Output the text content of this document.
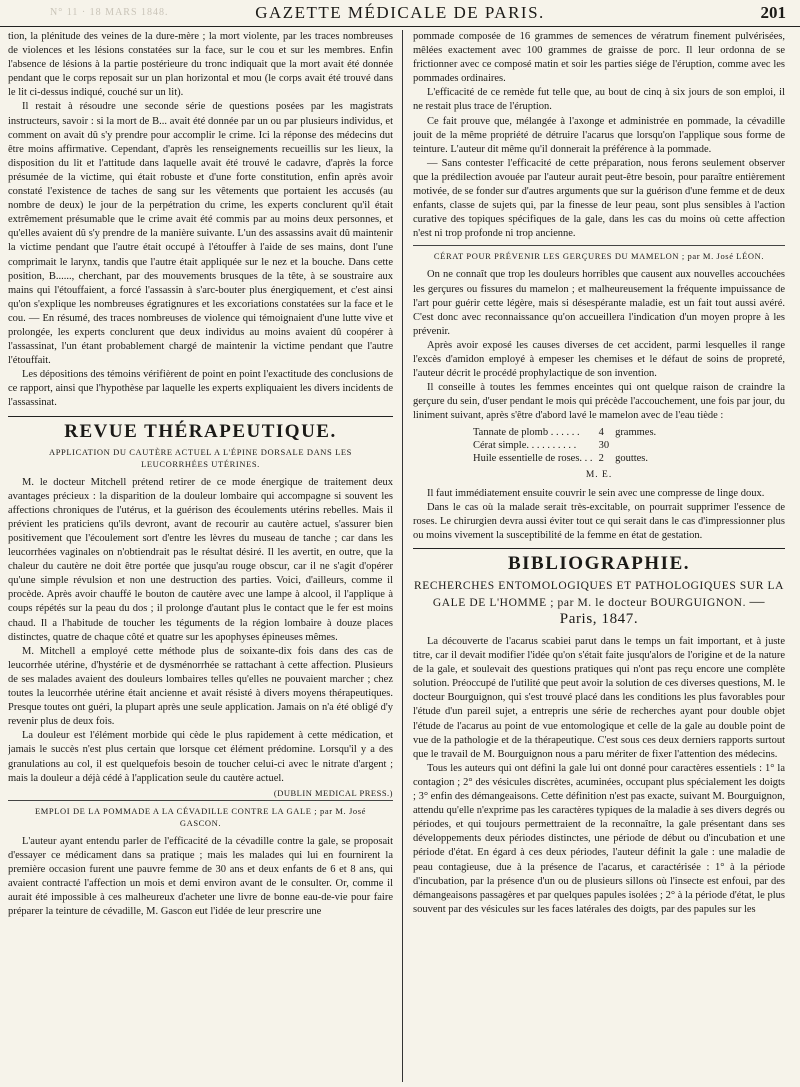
N° 11 · 18 MARS 1848.	GAZETTE MÉDICALE DE PARIS.	201

tion, la plénitude des veines de la dure-mère ; la mort violente, par les traces nombreuses de violences et les lésions constatées sur la face, sur le cou et sur les membres. Enfin l'absence de lésions à la partie postérieure du tronc indiquait que la mort avait été donnée pendant que le corps reposait sur un plan horizontal et mou (le corps avait été trouvé dans le lit ci-dessus indiqué, couché sur un lit).

Il restait à résoudre une seconde série de questions posées par les magistrats instructeurs, savoir : si la mort de B... avait été donnée par un ou par plusieurs individus, et comment on avait dû s'y prendre pour accomplir le crime. Ici la réponse des médecins dut être moins affirmative. Cependant, d'après les renseignements recueillis sur les lieux, la disposition du lit et l'attitude dans laquelle avait été trouvé le cadavre, d'après la force présumée de la victime, qui était robuste et d'une forte constitution, enfin après avoir constaté l'existence de taches de sang sur les vêtements que portaient les accusés (au nombre de deux) le jour de la perpétration du crime, les experts conclurent qu'il était extrêmement présumable que le crime avait été commis par au moins deux personnes, et qu'elles avaient dû s'y prendre de la manière suivante. L'un des assassins avait dû maintenir la victime pendant que l'autre était occupé à l'étouffer à l'aide de ses mains, dont l'une comprimait le larynx, tandis que l'autre était appliquée sur le nez et la bouche. Dans cette position, B......, cherchant, par des mouvements brusques de la tête, à se soustraire aux mains qui l'étouffaient, a forcé l'assassin à s'arc-bouter plus énergiquement, et c'est ainsi qu'on s'explique les nombreuses égratignures et les excoriations constatées sur la face et le cou. — En résumé, des traces nombreuses de violence qui témoignaient d'une lutte vive et prolongée, les experts conclurent que deux individus au moins avaient dû coopérer à l'assassinat, l'un étant probablement chargé de maintenir la victime pendant que l'autre l'étouffait.

Les dépositions des témoins vérifièrent de point en point l'exactitude des conclusions de ce rapport, ainsi que l'hypothèse par laquelle les experts expliquaient les divers incidents de l'assassinat.

REVUE THÉRAPEUTIQUE.
APPLICATION DU CAUTÈRE ACTUEL A L'ÉPINE DORSALE DANS LES LEUCORRHÉES UTÉRINES.

M. le docteur Mitchell prétend retirer de ce mode énergique de traitement deux avantages précieux : la disparition de la douleur lombaire qui accompagne si souvent les affections chroniques de l'utérus, et la guérison des écoulements utérins rebelles. Mais il prévient les praticiens qu'ils devront, avant de recourir au cautère actuel, s'assurer bien positivement que l'écoulement sort d'entre les lèvres du museau de tanche ; car dans les leucorrhées vaginales on n'obtiendrait pas le résultat désiré. Il les avertit, en outre, que la chaleur du cautère ne doit être portée que jusqu'au rouge obscur, car il ne s'agit d'opérer qu'une simple révulsion et non une destruction des parties. Voici, d'ailleurs, comme il procède. Après avoir chauffé le bouton de cautère avec une lampe à alcool, il l'applique à coups répétés sur la peau du dos ; il prolonge d'autant plus le contact que le fer est moins chaud. Il a l'habitude de toucher les téguments de la région lombaire à douze places distinctes, quatre de chaque côté et quatre sur les apophyses épineuses mêmes.

M. Mitchell a employé cette méthode plus de soixante-dix fois dans des cas de leucorrhée utérine, d'hystérie et de dysménorrhée se rattachant à cette affection. Plusieurs de ses malades avaient des douleurs lombaires telles qu'elles ne pouvaient marcher ; chez toutes la leucorrhée utérine était ancienne et avait résisté à divers moyens thérapeutiques. Presque toutes ont guéri, la plupart après une seule application. Jamais on n'a été obligé d'y revenir plus de deux fois.

La douleur est l'élément morbide qui cède le plus rapidement à cette médication, et jamais le succès n'est plus certain que lorsque cet élément prédomine. Lorsqu'il y a des granulations au col, il est quelquefois besoin de toucher celui-ci avec le nitrate d'argent ; mais la douleur a déjà cédé à l'application seule du cautère actuel.
(DUBLIN MEDICAL PRESS.)

EMPLOI DE LA POMMADE A LA CÉVADILLE CONTRE LA GALE ; par M. José GASCON.

L'auteur ayant entendu parler de l'efficacité de la cévadille contre la gale, se proposait d'essayer ce médicament dans sa pratique ; mais les malades qui lui en fournirent la première occasion furent une pauvre femme de 30 ans et deux enfants de 6 et 8 ans, qui avaient contracté l'affection un mois et demi environ avant de le consulter. Or, comme il aurait été impossible à ces malheureux d'acheter une livre de bonne eau-de-vie pour faire préparer la teinture de cévadille, M. Gascon eut l'idée de leur prescrire une

pommade composée de 16 grammes de semences de vératrum finement pulvérisées, mêlées exactement avec 100 grammes de graisse de porc. Il leur ordonna de se frictionner avec ce composé matin et soir les parties siége de l'éruption, comme avec les pommades ordinaires.

L'efficacité de ce remède fut telle que, au bout de cinq à six jours de son emploi, il ne restait plus trace de l'éruption.

Ce fait prouve que, mélangée à l'axonge et administrée en pommade, la cévadille jouit de la même propriété de détruire l'acarus que lorsqu'on l'applique sous forme de teinture. L'auteur dit même qu'il donnerait la préférence à la pommade.

— Sans contester l'efficacité de cette préparation, nous ferons seulement observer que la prédilection avouée par l'auteur aurait peut-être besoin, pour paraître entièrement motivée, de se fonder sur d'autres arguments que sur la guérison d'une femme et de deux enfants, classe de sujets qui, par la finesse de leur peau, sont plus sensibles à l'action curative des topiques spécifiques de la gale, dans les cas du moins où cette affection n'est ni trop profonde ni trop ancienne.

CÉRAT POUR PRÉVENIR LES GERÇURES DU MAMELON ; par M. José LÉON.

On ne connaît que trop les douleurs horribles que causent aux nouvelles accouchées les gerçures ou fissures du mamelon ; et malheureusement la fréquente impuissance de l'art pour guérir cette légère, mais si désespérante maladie, est un fait tout aussi avéré. C'est donc avec reconnaissance qu'on accueillera l'indication d'un moyen propre à les prévenir.

Après avoir exposé les causes diverses de cet accident, parmi lesquelles il range l'excès d'amidon employé à empeser les chemises et le défaut de soins de propreté, l'auteur décrit le procédé prophylactique de son invention.

Il conseille à toutes les femmes enceintes qui ont quelque raison de craindre la gerçure du sein, d'user pendant le mois qui précède l'accouchement, une fois par jour, du liniment suivant, après s'être d'abord lavé le mamelon avec de l'eau tiède :

Tannate de plomb . . . . . .	4	grammes.
Cérat simple. . . . . . . . . .	30	
Huile essentielle de roses. . .	2	gouttes.
M. E.

Il faut immédiatement ensuite couvrir le sein avec une compresse de linge doux.

Dans le cas où la malade serait très-excitable, on pourrait supprimer l'essence de roses. Le chirurgien devra aussi éviter tout ce qui serait dans le cas d'impressionner plus ou moins vivement la susceptibilité de la femme en état de gestation.

BIBLIOGRAPHIE.
RECHERCHES ENTOMOLOGIQUES ET PATHOLOGIQUES SUR LA GALE DE L'HOMME ; par M. le docteur BOURGUIGNON. — Paris, 1847.

La découverte de l'acarus scabiei parut dans le temps un fait important, et à juste titre, car il devait modifier l'idée qu'on s'était faite jusqu'alors de l'origine et de la nature de la gale, et soulevait des questions pratiques qui n'ont pas reçu encore une complète solution. Préoccupé de l'utilité que peut avoir la solution de ces diverses questions, M. le docteur Bourguignon, qui s'est trouvé placé dans les conditions les plus favorables pour l'étude d'un pareil sujet, a entrepris une série de recherches ayant pour double objet l'étude de l'acarus au point de vue entomologique et celle de la gale au double point de vue de la pathologie et de la thérapeutique. C'est sous ces deux derniers rapports surtout que le travail de M. Bourguignon nous a paru mériter de fixer l'attention des médecins.

Tous les auteurs qui ont défini la gale lui ont donné pour caractères essentiels : 1° la contagion ; 2° des vésicules discrètes, acuminées, occupant plus spécialement les doigts ; 3° enfin des démangeaisons. Cette définition n'est pas exacte, suivant M. Bourguignon, attendu qu'elle n'exprime pas les caractères typiques de la maladie à ses divers degrés ou périodes, et qui toujours permettraient de la reconnaître, la gale présentant dans ses développements deux périodes distinctes, une période de début ou d'incubation et une période d'état. En égard à ces deux périodes, l'auteur définit la gale : une maladie de peau contagieuse, due à la présence de l'acarus, et caractérisée : 1° à la période d'incubation, par la présence d'un ou de plusieurs sillons où l'insecte est enfoui, par des démangeaisons passagères et par quelques papules isolées ; 2° à la période d'état, le plus souvent par des vésicules sur les faces latérales des doigts, par des papules sur les
